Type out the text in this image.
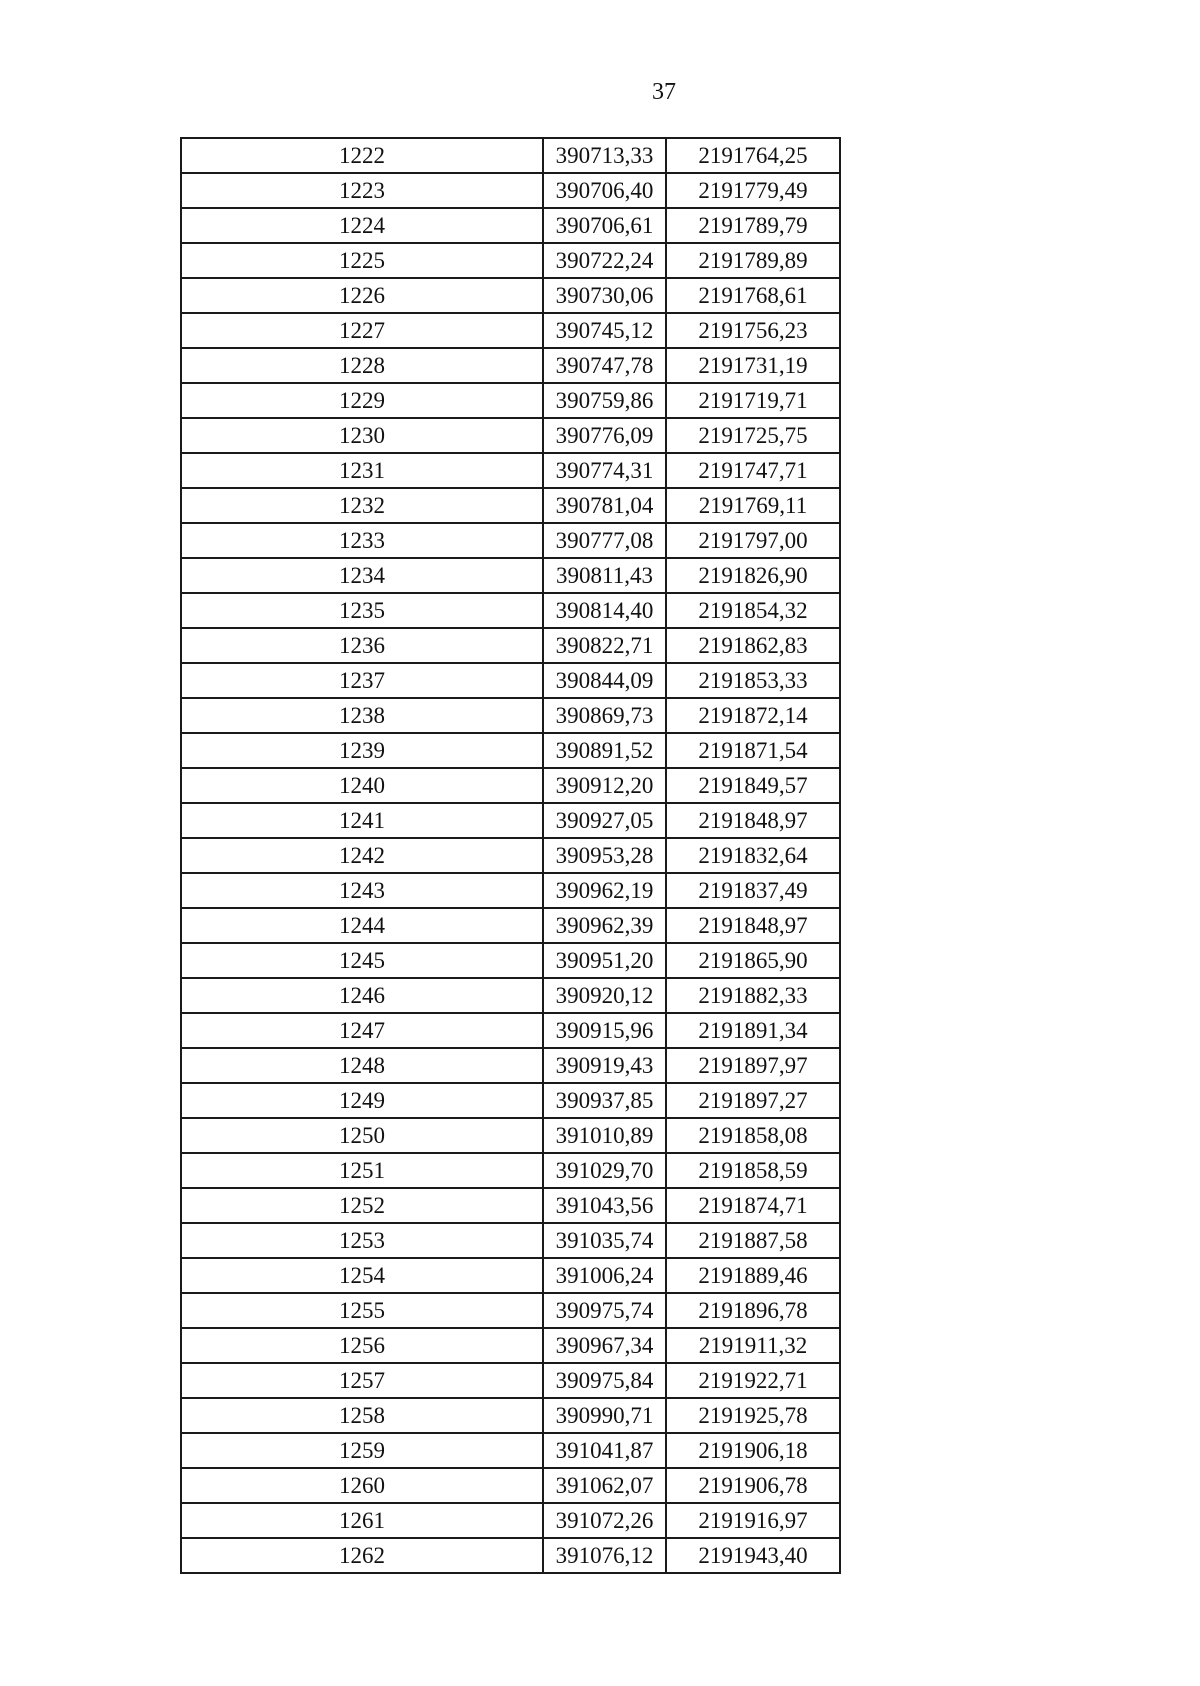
37
1222	390713,33	2191764,25
1223	390706,40	2191779,49
1224	390706,61	2191789,79
1225	390722,24	2191789,89
1226	390730,06	2191768,61
1227	390745,12	2191756,23
1228	390747,78	2191731,19
1229	390759,86	2191719,71
1230	390776,09	2191725,75
1231	390774,31	2191747,71
1232	390781,04	2191769,11
1233	390777,08	2191797,00
1234	390811,43	2191826,90
1235	390814,40	2191854,32
1236	390822,71	2191862,83
1237	390844,09	2191853,33
1238	390869,73	2191872,14
1239	390891,52	2191871,54
1240	390912,20	2191849,57
1241	390927,05	2191848,97
1242	390953,28	2191832,64
1243	390962,19	2191837,49
1244	390962,39	2191848,97
1245	390951,20	2191865,90
1246	390920,12	2191882,33
1247	390915,96	2191891,34
1248	390919,43	2191897,97
1249	390937,85	2191897,27
1250	391010,89	2191858,08
1251	391029,70	2191858,59
1252	391043,56	2191874,71
1253	391035,74	2191887,58
1254	391006,24	2191889,46
1255	390975,74	2191896,78
1256	390967,34	2191911,32
1257	390975,84	2191922,71
1258	390990,71	2191925,78
1259	391041,87	2191906,18
1260	391062,07	2191906,78
1261	391072,26	2191916,97
1262	391076,12	2191943,40
